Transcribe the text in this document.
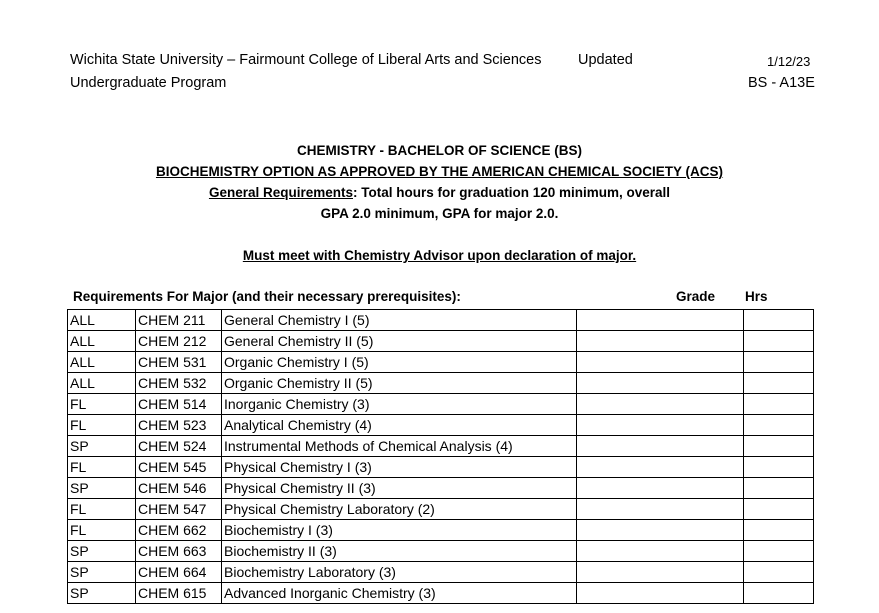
Wichita State University – Fairmount College of Liberal Arts and Sciences	Updated	1/12/23
Undergraduate Program	BS - A13E
CHEMISTRY - BACHELOR OF SCIENCE (BS)
BIOCHEMISTRY OPTION AS APPROVED BY THE AMERICAN CHEMICAL SOCIETY (ACS)
General Requirements: Total hours for graduation 120 minimum, overall
GPA 2.0 minimum, GPA for major 2.0.
Must meet with Chemistry Advisor upon declaration of major.
Requirements For Major (and their necessary prerequisites):	Grade Hrs
ALL	CHEM 211	General Chemistry I (5)		
ALL	CHEM 212	General Chemistry II (5)		
ALL	CHEM 531	Organic Chemistry I (5)		
ALL	CHEM 532	Organic Chemistry II (5)		
FL	CHEM 514	Inorganic Chemistry (3)		
FL	CHEM 523	Analytical Chemistry (4)		
SP	CHEM 524	Instrumental Methods of Chemical Analysis (4)		
FL	CHEM 545	Physical Chemistry I (3)		
SP	CHEM 546	Physical Chemistry II (3)		
FL	CHEM 547	Physical Chemistry Laboratory (2)		
FL	CHEM 662	Biochemistry I (3)		
SP	CHEM 663	Biochemistry II (3)		
SP	CHEM 664	Biochemistry Laboratory (3)		
SP	CHEM 615	Advanced Inorganic Chemistry (3)		
